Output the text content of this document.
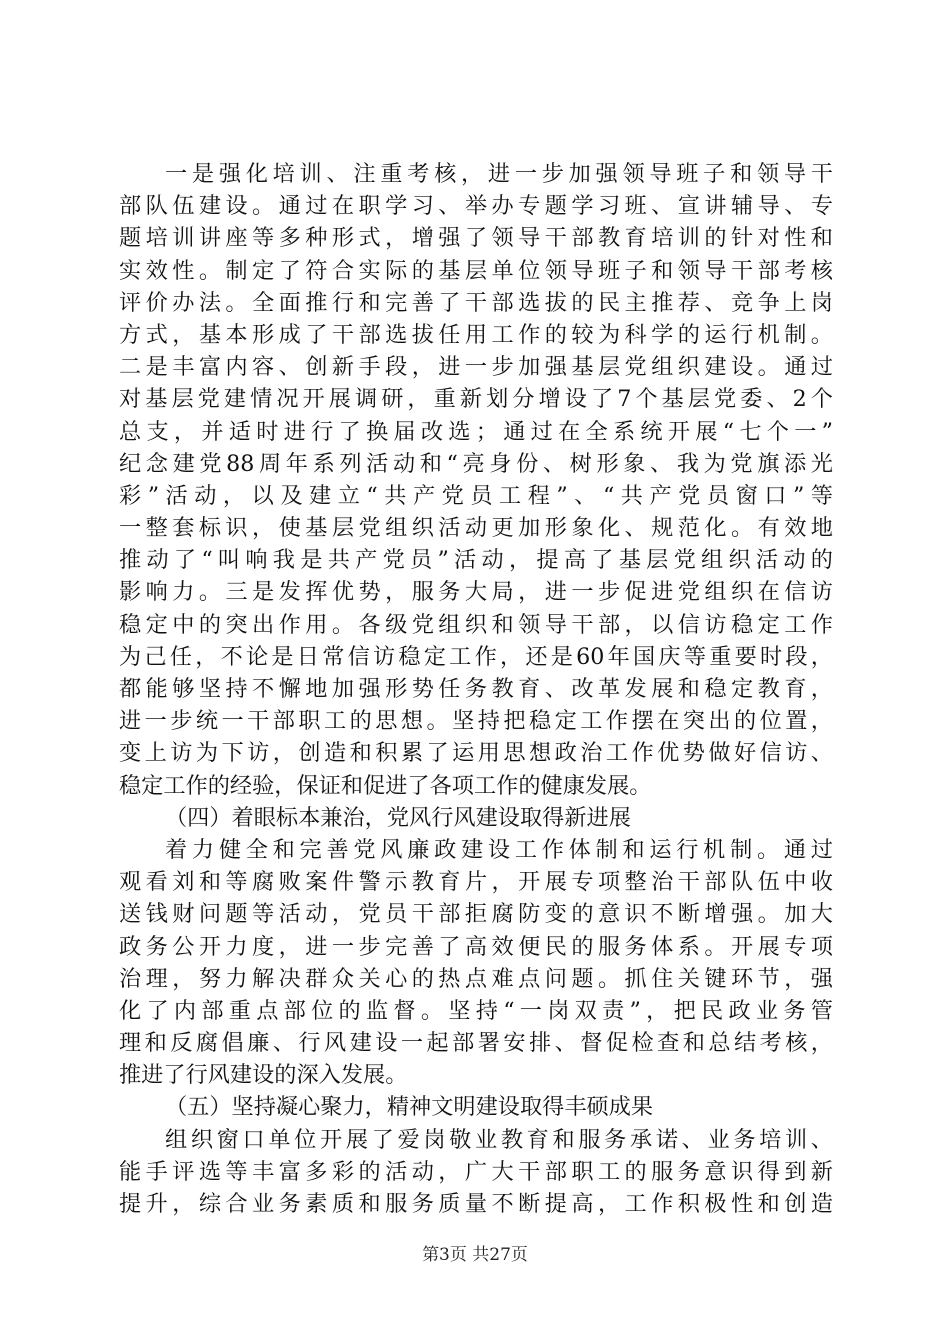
一是强化培训、注重考核，进一步加强领导班子和领导干
部队伍建设。通过在职学习、举办专题学习班、宣讲辅导、专
题培训讲座等多种形式，增强了领导干部教育培训的针对性和
实效性。制定了符合实际的基层单位领导班子和领导干部考核
评价办法。全面推行和完善了干部选拔的民主推荐、竞争上岗
方式，基本形成了干部选拔任用工作的较为科学的运行机制。
二是丰富内容、创新手段，进一步加强基层党组织建设。通过
对基层党建情况开展调研，重新划分增设了7个基层党委、2个
总支，并适时进行了换届改选；通过在全系统开展“七个一”
纪念建党88周年系列活动和“亮身份、树形象、我为党旗添光
彩”活动，以及建立“共产党员工程”、“共产党员窗口”等
一整套标识，使基层党组织活动更加形象化、规范化。有效地
推动了“叫响我是共产党员”活动，提高了基层党组织活动的
影响力。三是发挥优势，服务大局，进一步促进党组织在信访
稳定中的突出作用。各级党组织和领导干部，以信访稳定工作
为己任，不论是日常信访稳定工作，还是60年国庆等重要时段，
都能够坚持不懈地加强形势任务教育、改革发展和稳定教育，
进一步统一干部职工的思想。坚持把稳定工作摆在突出的位置，
变上访为下访，创造和积累了运用思想政治工作优势做好信访、
稳定工作的经验，保证和促进了各项工作的健康发展。
（四）着眼标本兼治，党风行风建设取得新进展
着力健全和完善党风廉政建设工作体制和运行机制。通过
观看刘和等腐败案件警示教育片，开展专项整治干部队伍中收
送钱财问题等活动，党员干部拒腐防变的意识不断增强。加大
政务公开力度，进一步完善了高效便民的服务体系。开展专项
治理，努力解决群众关心的热点难点问题。抓住关键环节，强
化了内部重点部位的监督。坚持“一岗双责”，把民政业务管
理和反腐倡廉、行风建设一起部署安排、督促检查和总结考核，
推进了行风建设的深入发展。
（五）坚持凝心聚力，精神文明建设取得丰硕成果
组织窗口单位开展了爱岗敬业教育和服务承诺、业务培训、
能手评选等丰富多彩的活动，广大干部职工的服务意识得到新
提升，综合业务素质和服务质量不断提高，工作积极性和创造
第3页 共27页
